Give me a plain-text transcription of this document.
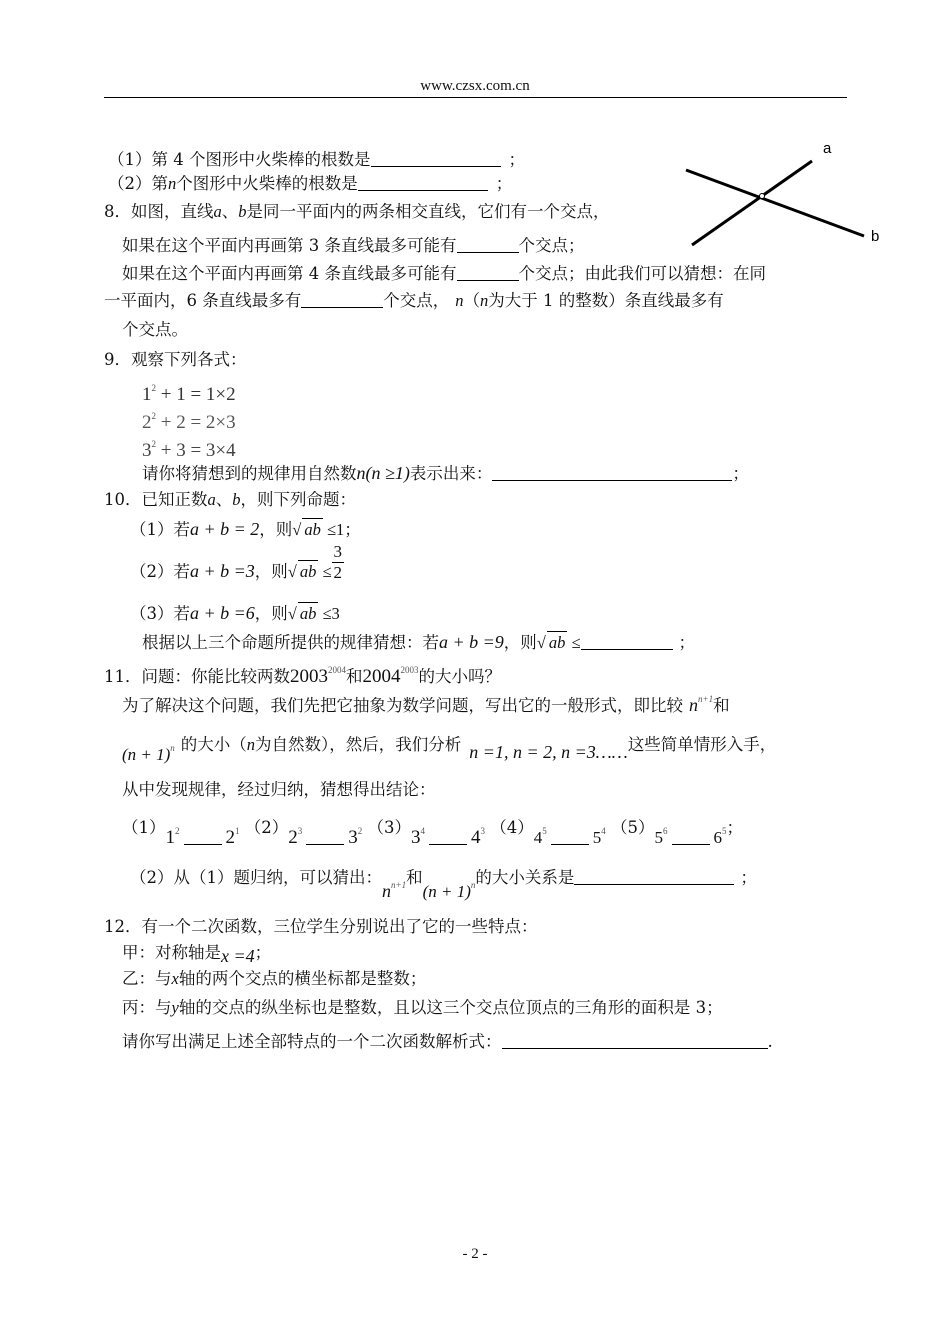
www.czsx.com.cn
a
b
（1）第 4 个图形中火柴棒的根数是	；
（2）第n个图形中火柴棒的根数是	；
8．如图，直线a、b是同一平面内的两条相交直线，它们有一个交点，
如果在这个平面内再画第 3 条直线最多可能有	个交点；
如果在这个平面内再画第 4 条直线最多可能有	个交点；由此我们可以猜想：在同
一平面内，6 条直线最多有	个交点， n（n为大于 1 的整数）条直线最多有
个交点。
9．观察下列各式：
$1^2 + 1 = 1\times 2$
$2^2 + 2 = 2\times 3$
$3^2 + 3 = 3\times 4$
请你将猜想到的规律用自然数n(n ≥1)表示出来：	；
10．已知正数a、b，则下列命题：
（1）若a + b = 2，则√ ab ≤1；
（2）若a + b =3，则√ ab ≤ $\frac{3}{2}$
（3）若a + b =6，则√ ab ≤3
根据以上三个命题所提供的规律猜想：若a + b =9，则√ ab ≤	；
11．问题：你能比较两数$2003^{2004}$和$2004^{2003}$的大小吗？
为了解决这个问题，我们先把它抽象为数学问题，写出它的一般形式，即比较 $n^{n+1}$和
$(n + 1)^n$ 的大小（n为自然数），然后，我们分析 n =1, n = 2, n =3……这些简单情形入手，
从中发现规律，经过归纳，猜想得出结论：
$(1)1^2$ $2^1$ $(2)2^3$ $3^2$ $(3)3^4$ $4^3$ $(4)4^5$	$5^4$ $(5)5^6$	$6^5$；
（2）从（1）题归纳，可以猜出：$n_{n+1}$和$(n + 1)_n$的大小关系是	；
12．有一个二次函数，三位学生分别说出了它的一些特点：
甲：对称轴是x =4；
乙：与x轴的两个交点的横坐标都是整数；
丙：与y轴的交点的纵坐标也是整数，且以这三个交点位顶点的三角形的面积是 3；
请你写出满足上述全部特点的一个二次函数解析式：	.
- 2 -
